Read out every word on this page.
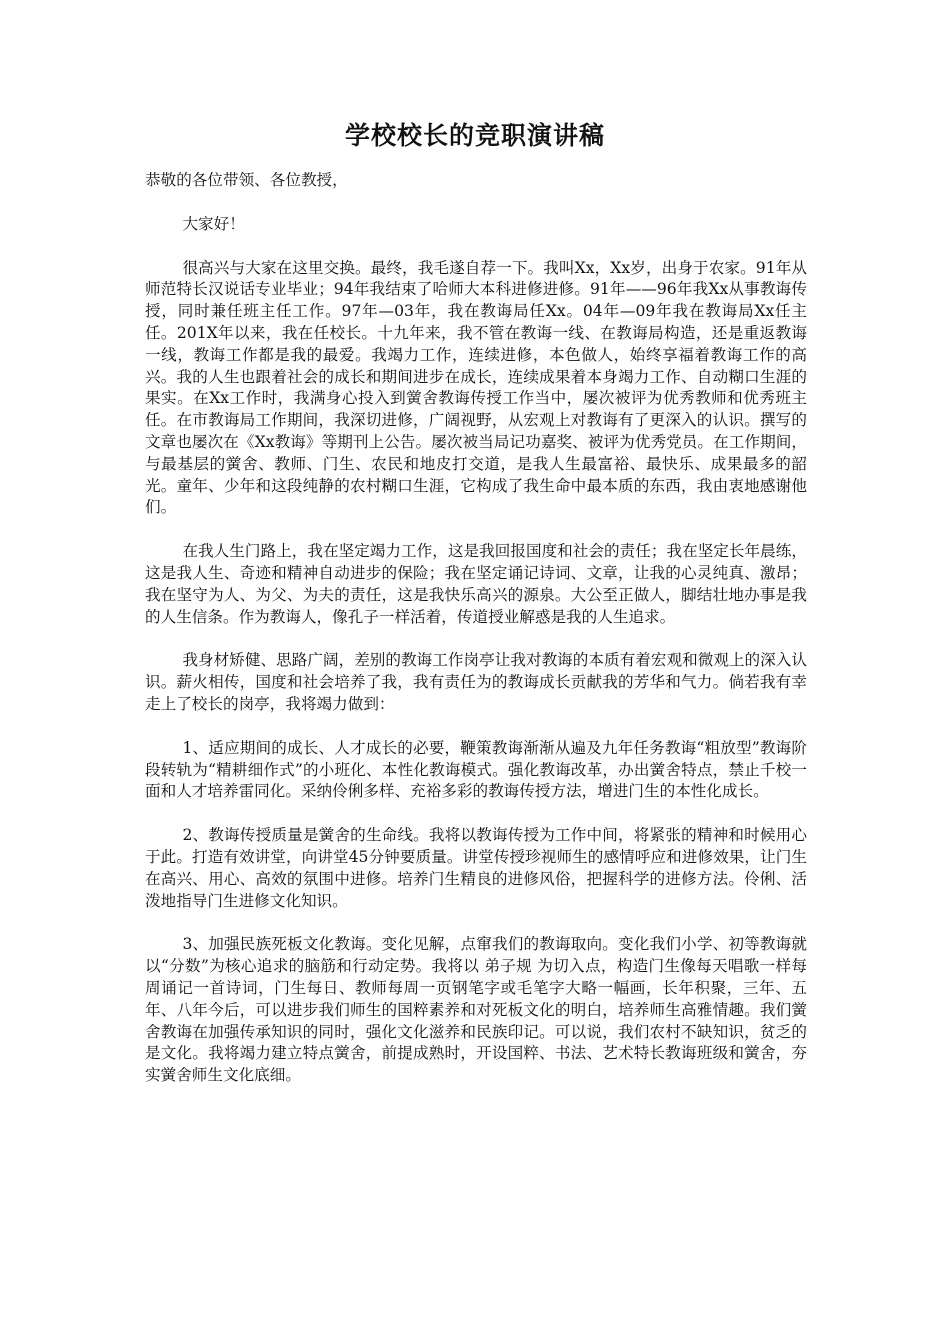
学校校长的竞职演讲稿

恭敬的各位带领、各位教授，

大家好！

很高兴与大家在这里交换。最终，我毛遂自荐一下。我叫Xx，Xx岁，出身于农家。91年从师范特长汉说话专业毕业；94年我结束了哈师大本科进修进修。91年——96年我Xx从事教诲传授，同时兼任班主任工作。97年—03年，我在教诲局任Xx。04年—09年我在教诲局Xx任主任。201X年以来，我在任校长。十九年来，我不管在教诲一线、在教诲局构造，还是重返教诲一线，教诲工作都是我的最爱。我竭力工作，连续进修，本色做人，始终享福着教诲工作的高兴。我的人生也跟着社会的成长和期间进步在成长，连续成果着本身竭力工作、自动糊口生涯的果实。在Xx工作时，我满身心投入到黉舍教诲传授工作当中，屡次被评为优秀教师和优秀班主任。在市教诲局工作期间，我深切进修，广阔视野，从宏观上对教诲有了更深入的认识。撰写的文章也屡次在《Xx教诲》等期刊上公告。屡次被当局记功嘉奖、被评为优秀党员。在工作期间，与最基层的黉舍、教师、门生、农民和地皮打交道，是我人生最富裕、最快乐、成果最多的韶光。童年、少年和这段纯静的农村糊口生涯，它构成了我生命中最本质的东西，我由衷地感谢他们。

在我人生门路上，我在坚定竭力工作，这是我回报国度和社会的责任；我在坚定长年晨练，这是我人生、奇迹和精神自动进步的保险；我在坚定诵记诗词、文章，让我的心灵纯真、激昂；我在坚守为人、为父、为夫的责任，这是我快乐高兴的源泉。大公至正做人，脚结壮地办事是我的人生信条。作为教诲人，像孔子一样活着，传道授业解惑是我的人生追求。

我身材矫健、思路广阔，差别的教诲工作岗亭让我对教诲的本质有着宏观和微观上的深入认识。薪火相传，国度和社会培养了我，我有责任为的教诲成长贡献我的芳华和气力。倘若我有幸走上了校长的岗亭，我将竭力做到：

1、适应期间的成长、人才成长的必要，鞭策教诲渐渐从遍及九年任务教诲“粗放型”教诲阶段转轨为“精耕细作式”的小班化、本性化教诲模式。强化教诲改革，办出黉舍特点，禁止千校一面和人才培养雷同化。采纳伶俐多样、充裕多彩的教诲传授方法，增进门生的本性化成长。

2、教诲传授质量是黉舍的生命线。我将以教诲传授为工作中间，将紧张的精神和时候用心于此。打造有效讲堂，向讲堂45分钟要质量。讲堂传授珍视师生的感情呼应和进修效果，让门生在高兴、用心、高效的氛围中进修。培养门生精良的进修风俗，把握科学的进修方法。伶俐、活泼地指导门生进修文化知识。

3、加强民族死板文化教诲。变化见解，点窜我们的教诲取向。变化我们小学、初等教诲就以“分数”为核心追求的脑筋和行动定势。我将以 弟子规 为切入点，构造门生像每天唱歌一样每周诵记一首诗词，门生每日、教师每周一页钢笔字或毛笔字大略一幅画，长年积聚，三年、五年、八年今后，可以进步我们师生的国粹素养和对死板文化的明白，培养师生高雅情趣。我们黉舍教诲在加强传承知识的同时，强化文化滋养和民族印记。可以说，我们农村不缺知识，贫乏的是文化。我将竭力建立特点黉舍，前提成熟时，开设国粹、书法、艺术特长教诲班级和黉舍，夯实黉舍师生文化底细。
